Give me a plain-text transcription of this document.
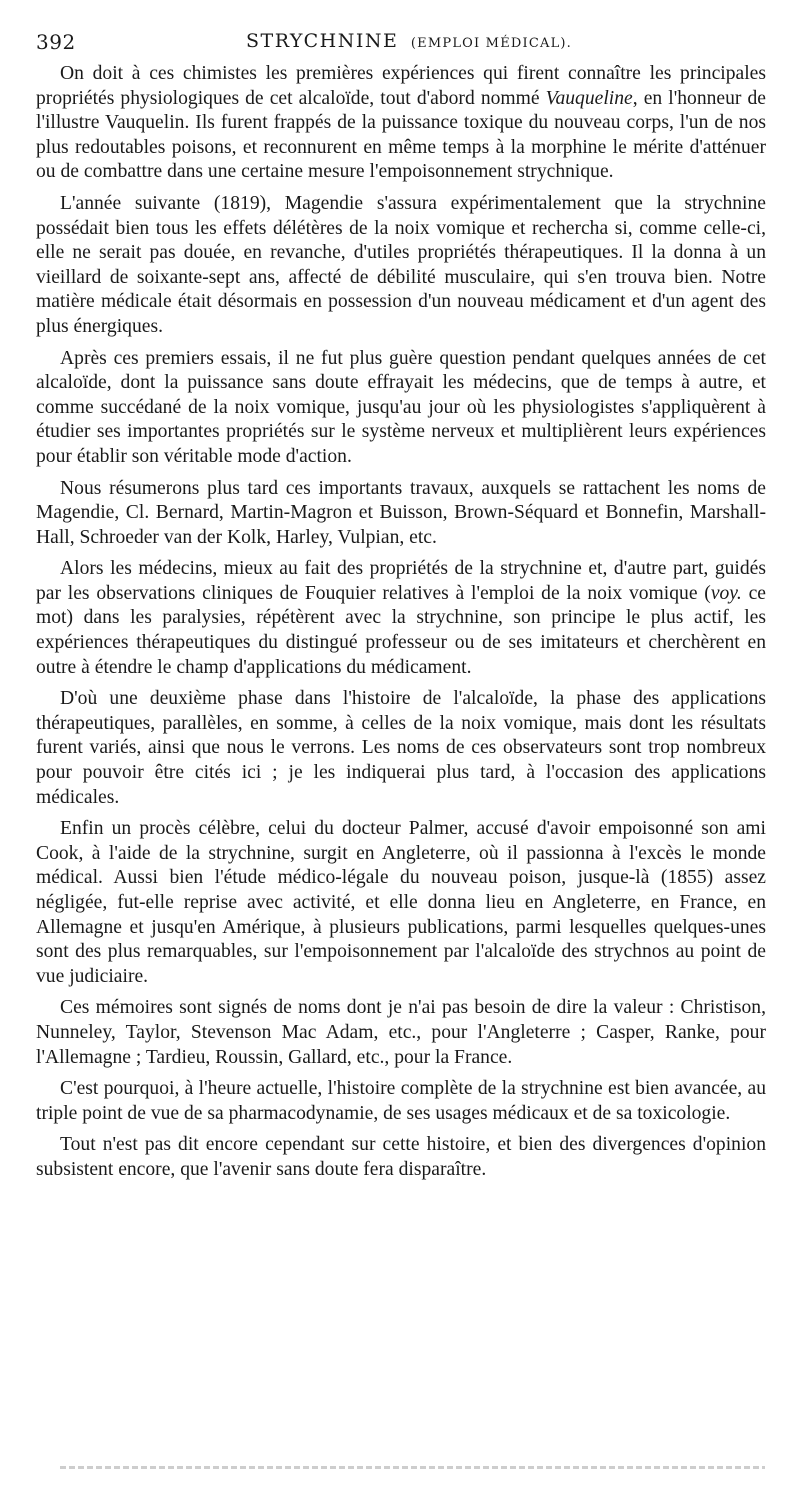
392	STRYCHNINE (EMPLOI MÉDICAL).

On doit à ces chimistes les premières expériences qui firent connaître les principales propriétés physiologiques de cet alcaloïde, tout d'abord nommé Vauqueline, en l'honneur de l'illustre Vauquelin. Ils furent frappés de la puissance toxique du nouveau corps, l'un de nos plus redoutables poisons, et reconnurent en même temps à la morphine le mérite d'atténuer ou de combattre dans une certaine mesure l'empoisonnement strychnique.

L'année suivante (1819), Magendie s'assura expérimentalement que la strychnine possédait bien tous les effets délétères de la noix vomique et rechercha si, comme celle-ci, elle ne serait pas douée, en revanche, d'utiles propriétés thérapeutiques. Il la donna à un vieillard de soixante-sept ans, affecté de débilité musculaire, qui s'en trouva bien. Notre matière médicale était désormais en possession d'un nouveau médicament et d'un agent des plus énergiques.

Après ces premiers essais, il ne fut plus guère question pendant quelques années de cet alcaloïde, dont la puissance sans doute effrayait les médecins, que de temps à autre, et comme succédané de la noix vomique, jusqu'au jour où les physiologistes s'appliquèrent à étudier ses importantes propriétés sur le système nerveux et multiplièrent leurs expériences pour établir son véritable mode d'action.

Nous résumerons plus tard ces importants travaux, auxquels se rattachent les noms de Magendie, Cl. Bernard, Martin-Magron et Buisson, Brown-Séquard et Bonnefin, Marshall-Hall, Schroeder van der Kolk, Harley, Vulpian, etc.

Alors les médecins, mieux au fait des propriétés de la strychnine et, d'autre part, guidés par les observations cliniques de Fouquier relatives à l'emploi de la noix vomique (voy. ce mot) dans les paralysies, répétèrent avec la strychnine, son principe le plus actif, les expériences thérapeutiques du distingué professeur ou de ses imitateurs et cherchèrent en outre à étendre le champ d'applications du médicament.

D'où une deuxième phase dans l'histoire de l'alcaloïde, la phase des applications thérapeutiques, parallèles, en somme, à celles de la noix vomique, mais dont les résultats furent variés, ainsi que nous le verrons. Les noms de ces observateurs sont trop nombreux pour pouvoir être cités ici ; je les indiquerai plus tard, à l'occasion des applications médicales.

Enfin un procès célèbre, celui du docteur Palmer, accusé d'avoir empoisonné son ami Cook, à l'aide de la strychnine, surgit en Angleterre, où il passionna à l'excès le monde médical. Aussi bien l'étude médico-légale du nouveau poison, jusque-là (1855) assez négligée, fut-elle reprise avec activité, et elle donna lieu en Angleterre, en France, en Allemagne et jusqu'en Amérique, à plusieurs publications, parmi lesquelles quelques-unes sont des plus remarquables, sur l'empoisonnement par l'alcaloïde des strychnos au point de vue judiciaire.

Ces mémoires sont signés de noms dont je n'ai pas besoin de dire la valeur : Christison, Nunneley, Taylor, Stevenson Mac Adam, etc., pour l'Angleterre ; Casper, Ranke, pour l'Allemagne ; Tardieu, Roussin, Gallard, etc., pour la France.

C'est pourquoi, à l'heure actuelle, l'histoire complète de la strychnine est bien avancée, au triple point de vue de sa pharmacodynamie, de ses usages médicaux et de sa toxicologie.

Tout n'est pas dit encore cependant sur cette histoire, et bien des divergences d'opinion subsistent encore, que l'avenir sans doute fera disparaître.
